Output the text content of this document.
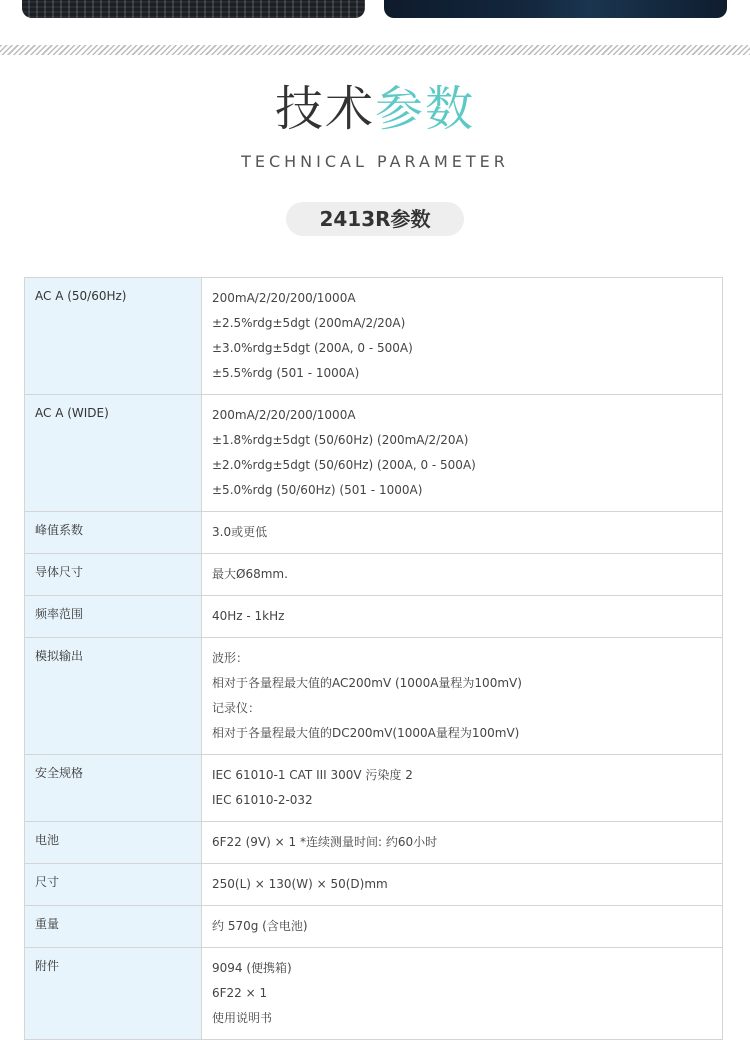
技术参数
TECHNICAL PARAMETER
2413R参数
AC A (50/60Hz)	200mA/2/20/200/1000A
±2.5%rdg±5dgt (200mA/2/20A)
±3.0%rdg±5dgt (200A, 0 - 500A)
±5.5%rdg (501 - 1000A)

AC A (WIDE)	200mA/2/20/200/1000A
±1.8%rdg±5dgt (50/60Hz) (200mA/2/20A)
±2.0%rdg±5dgt (50/60Hz) (200A, 0 - 500A)
±5.0%rdg (50/60Hz) (501 - 1000A)

峰值系数	3.0或更低

导体尺寸	最大Ø68mm.

频率范围	40Hz - 1kHz

模拟输出	波形：
相对于各量程最大值的AC200mV (1000A量程为100mV)
记录仪：
相对于各量程最大值的DC200mV(1000A量程为100mV)

安全规格	IEC 61010-1 CAT III 300V 污染度 2
IEC 61010-2-032

电池	6F22 (9V) × 1 *连续测量时间: 约60小时

尺寸	250(L) × 130(W) × 50(D)mm

重量	约 570g (含电池)

附件	9094 (便携箱)
6F22 × 1
使用说明书
